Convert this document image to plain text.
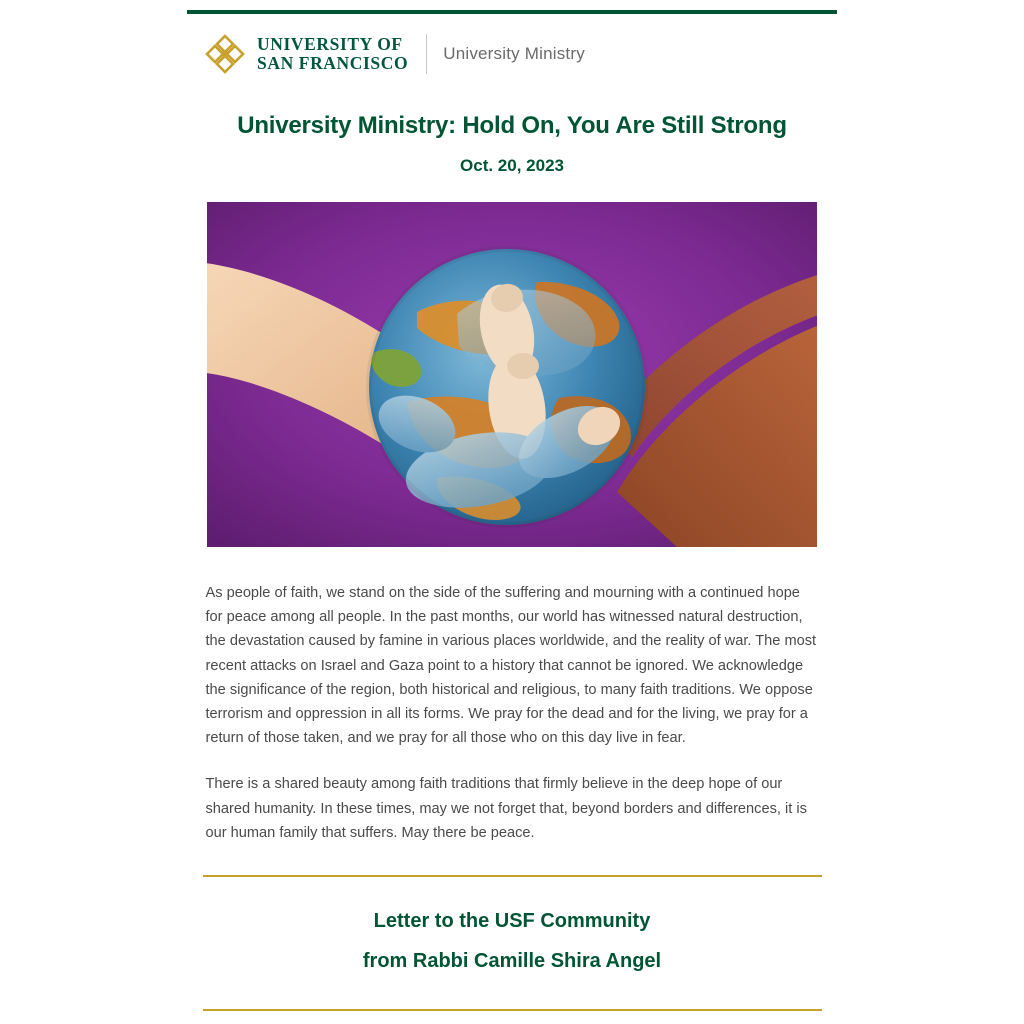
UNIVERSITY OF
SAN FRANCISCO University Ministry
University Ministry: Hold On, You Are Still Strong
Oct. 20, 2023

As people of faith, we stand on the side of the suffering and mourning with a continued hope for peace among all people. In the past months, our world has witnessed natural destruction, the devastation caused by famine in various places worldwide, and the reality of war. The most recent attacks on Israel and Gaza point to a history that cannot be ignored. We acknowledge the significance of the region, both historical and religious, to many faith traditions. We oppose terrorism and oppression in all its forms. We pray for the dead and for the living, we pray for a return of those taken, and we pray for all those who on this day live in fear.

There is a shared beauty among faith traditions that firmly believe in the deep hope of our shared humanity. In these times, may we not forget that, beyond borders and differences, it is our human family that suffers. May there be peace.

Letter to the USF Community
from Rabbi Camille Shira Angel
